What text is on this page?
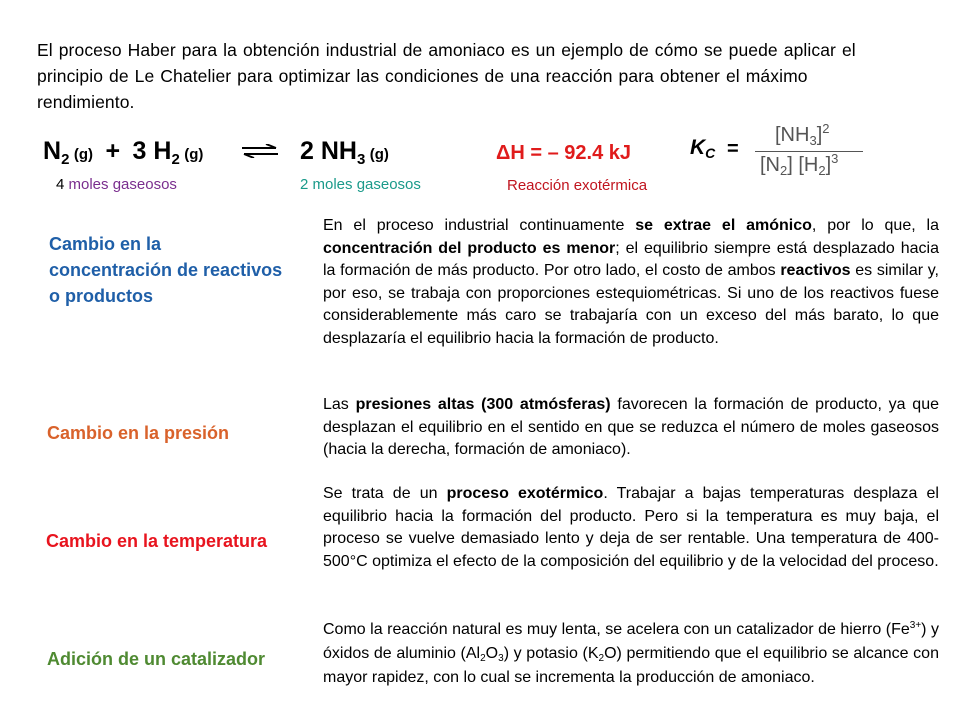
El proceso Haber para la obtención industrial de amoniaco es un ejemplo de cómo se puede aplicar el principio de Le Chatelier para optimizar las condiciones de una reacción para obtener el máximo rendimiento.
$N_2$ (g) + 3 $H_2$ (g) ⇌ 2 $NH_3$ (g)
4 moles gaseosos	2 moles gaseosos
ΔH = – 92.4 kJ
Reacción exotérmica
$K_C$ =
$[NH_3]^2$
$[N_2]$ $[H_2]^3$
Cambio en la concentración de reactivos o productos
Cambio en la presión
Cambio en la temperatura
Adición de un catalizador
En el proceso industrial continuamente se extrae el amónico, por lo que, la concentración del producto es menor; el equilibrio siempre está desplazado hacia la formación de más producto. Por otro lado, el costo de ambos reactivos es similar y, por eso, se trabaja con proporciones estequiométricas. Si uno de los reactivos fuese considerablemente más caro se trabajaría con un exceso del más barato, lo que desplazaría el equilibrio hacia la formación de producto.
Las presiones altas (300 atmósferas) favorecen la formación de producto, ya que desplazan el equilibrio en el sentido en que se reduzca el número de moles gaseosos (hacia la derecha, formación de amoniaco).
Se trata de un proceso exotérmico. Trabajar a bajas temperaturas desplaza el equilibrio hacia la formación del producto. Pero si la temperatura es muy baja, el proceso se vuelve demasiado lento y deja de ser rentable. Una temperatura de 400-500°C optimiza el efecto de la composición del equilibrio y de la velocidad del proceso.
Como la reacción natural es muy lenta, se acelera con un catalizador de hierro $(Fe^{3+})$ y óxidos de aluminio $(Al_2O_3)$ y potasio $(K_2O)$ permitiendo que el equilibrio se alcance con mayor rapidez, con lo cual se incrementa la producción de amoniaco.
